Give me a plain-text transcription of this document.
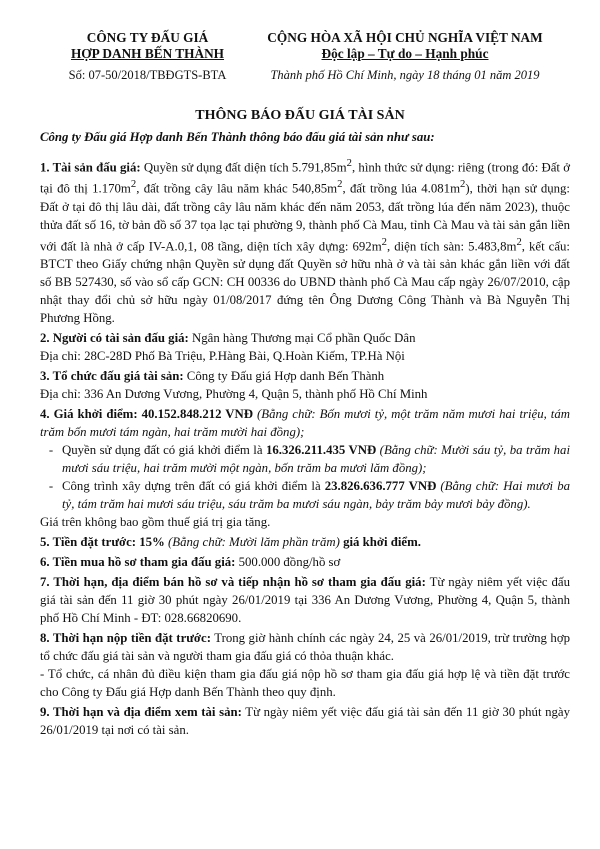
CÔNG TY ĐẤU GIÁ
HỢP DANH BẾN THÀNH
Số: 07-50/2018/TBĐGTS-BTA
CỘNG HÒA XÃ HỘI CHỦ NGHĨA VIỆT NAM
Độc lập – Tự do – Hạnh phúc
Thành phố Hồ Chí Minh, ngày 18 tháng 01 năm 2019
THÔNG BÁO ĐẤU GIÁ TÀI SẢN
Công ty Đấu giá Hợp danh Bến Thành thông báo đấu giá tài sản như sau:

1. Tài sản đấu giá: Quyền sử dụng đất diện tích $5.791,85m^2$, hình thức sử dụng: riêng (trong đó: Đất ở tại đô thị $1.170m^2$, đất trồng cây lâu năm khác $540,85m^2$, đất trồng lúa $4.081m^2$), thời hạn sử dụng: Đất ở tại đô thị lâu dài, đất trồng cây lâu năm khác đến năm 2053, đất trồng lúa đến năm 2023), thuộc thửa đất số 16, tờ bản đồ số 37 tọa lạc tại phường 9, thành phố Cà Mau, tỉnh Cà Mau và tài sản gắn liền với đất là nhà ở cấp IV-A.0,1, 08 tầng, diện tích xây dựng: $692m^2$, diện tích sàn: $5.483,8m^2$, kết cấu: BTCT theo Giấy chứng nhận Quyền sử dụng đất Quyền sở hữu nhà ở và tài sản khác gắn liền với đất số BB 527430, số vào sổ cấp GCN: CH 00336 do UBND thành phố Cà Mau cấp ngày 26/07/2010, cập nhật thay đổi chủ sở hữu ngày 01/08/2017 đứng tên Ông Dương Công Thành và Bà Nguyễn Thị Phương Hồng.

2. Người có tài sản đấu giá: Ngân hàng Thương mại Cổ phần Quốc Dân

Địa chỉ: 28C-28D Phố Bà Triệu, P.Hàng Bài, Q.Hoàn Kiếm, TP.Hà Nội

3. Tổ chức đấu giá tài sản: Công ty Đấu giá Hợp danh Bến Thành

Địa chỉ: 336 An Dương Vương, Phường 4, Quận 5, thành phố Hồ Chí Minh

4. Giá khởi điểm: 40.152.848.212 VNĐ (Bằng chữ: Bốn mươi tỷ, một trăm năm mươi hai triệu, tám trăm bốn mươi tám ngàn, hai trăm mười hai đồng);

- Quyền sử dụng đất có giá khởi điểm là 16.326.211.435 VNĐ (Bằng chữ: Mười sáu tỷ, ba trăm hai mươi sáu triệu, hai trăm mười một ngàn, bốn trăm ba mươi lăm đồng);
- Công trình xây dựng trên đất có giá khởi điểm là 23.826.636.777 VNĐ (Bằng chữ: Hai mươi ba tỷ, tám trăm hai mươi sáu triệu, sáu trăm ba mươi sáu ngàn, bảy trăm bảy mươi bảy đồng).

Giá trên không bao gồm thuế giá trị gia tăng.

5. Tiền đặt trước: 15% (Bằng chữ: Mười lăm phần trăm) giá khởi điểm.

6. Tiền mua hồ sơ tham gia đấu giá: 500.000 đồng/hồ sơ

7. Thời hạn, địa điểm bán hồ sơ và tiếp nhận hồ sơ tham gia đấu giá: Từ ngày niêm yết việc đấu giá tài sản đến 11 giờ 30 phút ngày 26/01/2019 tại 336 An Dương Vương, Phường 4, Quận 5, thành phố Hồ Chí Minh - ĐT: 028.66820690.

8. Thời hạn nộp tiền đặt trước: Trong giờ hành chính các ngày 24, 25 và 26/01/2019, trừ trường hợp tổ chức đấu giá tài sản và người tham gia đấu giá có thỏa thuận khác.

- Tổ chức, cá nhân đủ điều kiện tham gia đấu giá nộp hồ sơ tham gia đấu giá hợp lệ và tiền đặt trước cho Công ty Đấu giá Hợp danh Bến Thành theo quy định.

9. Thời hạn và địa điểm xem tài sản: Từ ngày niêm yết việc đấu giá tài sản đến 11 giờ 30 phút ngày 26/01/2019 tại nơi có tài sản.
